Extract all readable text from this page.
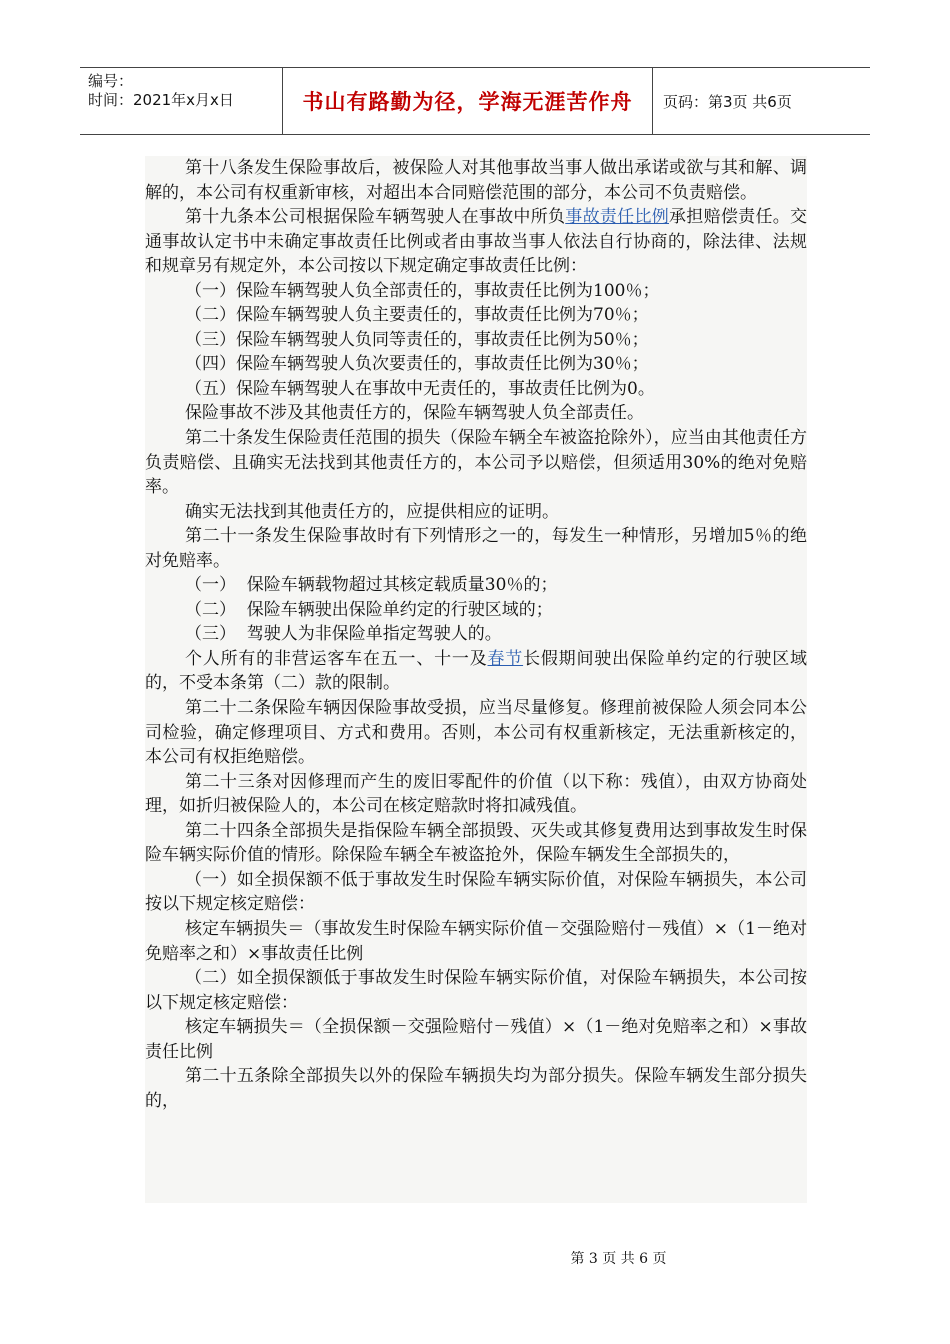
编号：
时间：2021年x月x日	书山有路勤为径，学海无涯苦作舟	页码：第3页 共6页

第十八条发生保险事故后，被保险人对其他事故当事人做出承诺或欲与其和解、调解的，本公司有权重新审核，对超出本合同赔偿范围的部分，本公司不负责赔偿。

第十九条本公司根据保险车辆驾驶人在事故中所负事故责任比例承担赔偿责任。交通事故认定书中未确定事故责任比例或者由事故当事人依法自行协商的，除法律、法规和规章另有规定外，本公司按以下规定确定事故责任比例：

（一）保险车辆驾驶人负全部责任的，事故责任比例为100％；

（二）保险车辆驾驶人负主要责任的，事故责任比例为70％；

（三）保险车辆驾驶人负同等责任的，事故责任比例为50％；

（四）保险车辆驾驶人负次要责任的，事故责任比例为30％；

（五）保险车辆驾驶人在事故中无责任的，事故责任比例为0。

保险事故不涉及其他责任方的，保险车辆驾驶人负全部责任。

第二十条发生保险责任范围的损失（保险车辆全车被盗抢除外），应当由其他责任方负责赔偿、且确实无法找到其他责任方的，本公司予以赔偿，但须适用30%的绝对免赔率。

确实无法找到其他责任方的，应提供相应的证明。

第二十一条发生保险事故时有下列情形之一的，每发生一种情形，另增加5％的绝对免赔率。

（一）  保险车辆载物超过其核定载质量30％的；

（二）  保险车辆驶出保险单约定的行驶区域的；

（三）  驾驶人为非保险单指定驾驶人的。

个人所有的非营运客车在五一、十一及春节长假期间驶出保险单约定的行驶区域的，不受本条第（二）款的限制。

第二十二条保险车辆因保险事故受损，应当尽量修复。修理前被保险人须会同本公司检验，确定修理项目、方式和费用。否则，本公司有权重新核定，无法重新核定的，本公司有权拒绝赔偿。

第二十三条对因修理而产生的废旧零配件的价值（以下称：残值），由双方协商处理，如折归被保险人的，本公司在核定赔款时将扣减残值。

第二十四条全部损失是指保险车辆全部损毁、灭失或其修复费用达到事故发生时保险车辆实际价值的情形。除保险车辆全车被盗抢外，保险车辆发生全部损失的，

（一）如全损保额不低于事故发生时保险车辆实际价值，对保险车辆损失，本公司按以下规定核定赔偿：

核定车辆损失＝（事故发生时保险车辆实际价值－交强险赔付－残值）×（1－绝对免赔率之和）×事故责任比例

（二）如全损保额低于事故发生时保险车辆实际价值，对保险车辆损失，本公司按以下规定核定赔偿：

核定车辆损失＝（全损保额－交强险赔付－残值）×（1－绝对免赔率之和）×事故责任比例

第二十五条除全部损失以外的保险车辆损失均为部分损失。保险车辆发生部分损失的，

第 3 页 共 6 页
